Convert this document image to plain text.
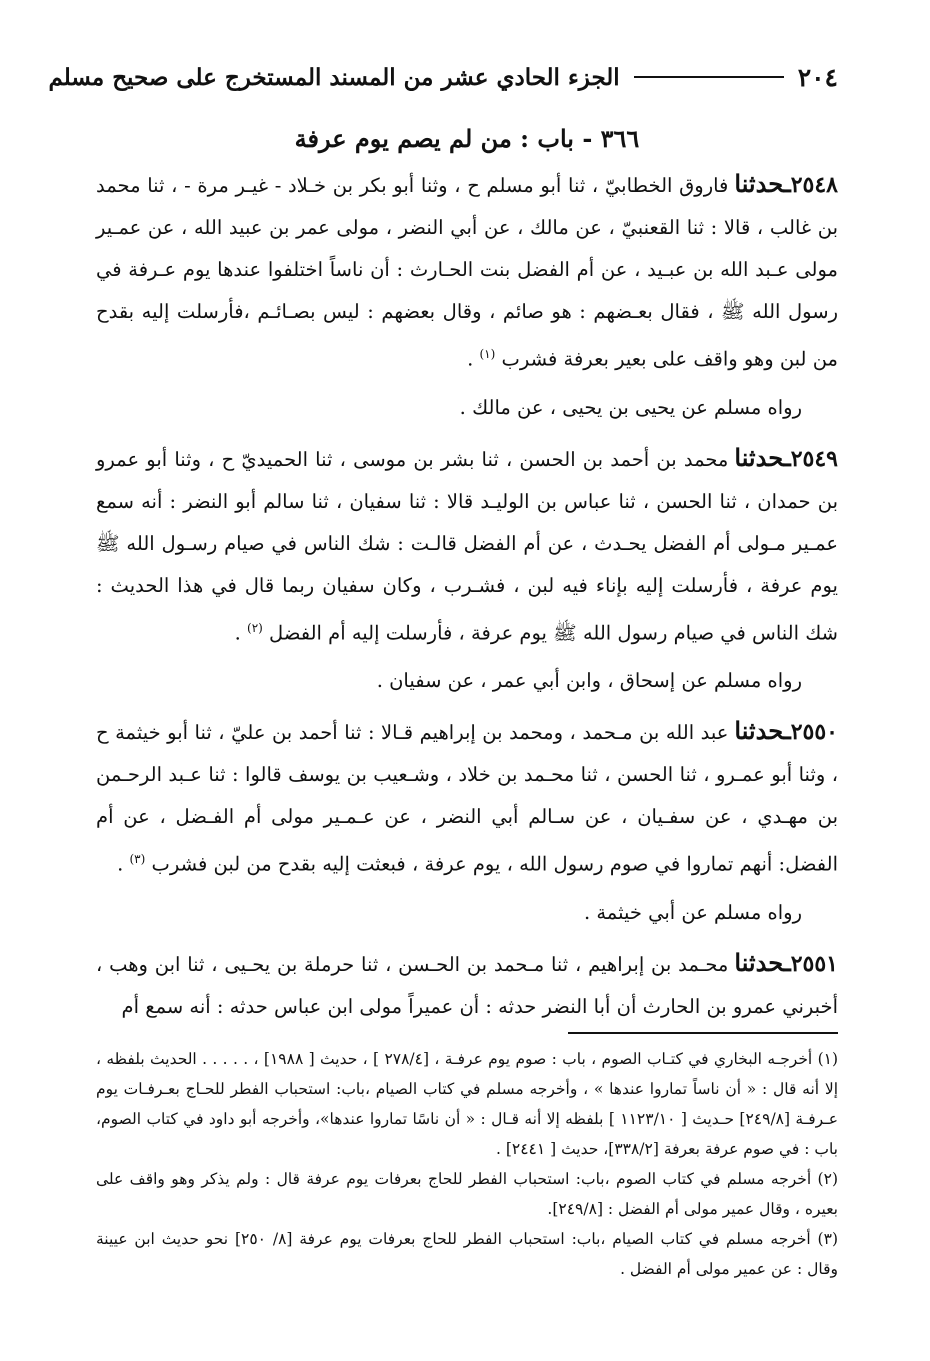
٢٠٤
الجزء الحادي عشر من المسند المستخرج على صحيح مسلم
٣٦٦ - باب : من لم يصم يوم عرفة

٢٥٤٨ـحدثنافاروق الخطابيّ ، ثنا أبو مسلم ح ، وثنا أبو بكر بن خـلاد - غيـر مرة - ، ثنا محمد بن غالب ، قالا : ثنا القعنبيّ ، عن مالك ، عن أبي النضر ، مولى عمر بن عبيد الله ، عن عمـير مولى عـبد الله بن عبـيد ، عن أم الفضل بنت الحـارث : أن ناساً اختلفوا عندها يوم عـرفة في رسول الله ﷺ ، فقال بعـضهم : هو صائم ، وقال بعضهم : ليس بصـائـم ،فأرسلت إليه بقدح من لبن وهو واقف على بعير بعرفة فشرب $^{(١)}$ .

رواه مسلم عن يحيى بن يحيى ، عن مالك .

٢٥٤٩ـحدثنامحمد بن أحمد بن الحسن ، ثنا بشر بن موسى ، ثنا الحميديّ ح ، وثنا أبو عمرو بن حمدان ، ثنا الحسن ، ثنا عباس بن الوليـد قالا : ثنا سفيان ، ثنا سالم أبو النضر : أنه سمع عمـير مـولى أم الفضل يحـدث ، عن أم الفضل قالـت : شك الناس في صيام رسـول الله ﷺ يوم عرفة ، فأرسلت إليه بإناء فيه لبن ، فشـرب ، وكان سفيان ربما قال في هذا الحديث : شك الناس في صيام رسول الله ﷺ يوم عرفة ، فأرسلت إليه أم الفضل $^{(٢)}$ .

رواه مسلم عن إسحاق ، وابن أبي عمر ، عن سفيان .

٢٥٥٠ـحدثناعبد الله بن مـحمد ، ومحمد بن إبراهيم قـالا : ثنا أحمد بن عليّ ، ثنا أبو خيثمة ح ، وثنا أبو عمـرو ، ثنا الحسن ، ثنا محـمد بن خلاد ، وشـعيب بن يوسف قالوا : ثنا عـبد الرحـمن بن مهـدي ، عن سفـيان ، عن سـالم أبي النضر ، عن عـمـير مولى أم الفـضل ، عن أم الفضل: أنهم تماروا في صوم رسول الله ، يوم عرفة ، فبعثت إليه بقدح من لبن فشرب $^{(٣)}$ .

رواه مسلم عن أبي خيثمة .

٢٥٥١ـحدثنامحـمد بن إبراهيم ، ثنا مـحمد بن الحـسن ، ثنا حرملة بن يحـيى ، ثنا ابن وهب ، أخبرني عمرو بن الحارث أن أبا النضر حدثه : أن عميراً مولى ابن عباس حدثه : أنه سمع أم

(١) أخرجـه البخاري في كتـاب الصوم ، باب : صوم يوم عرفـة ، [٢٧٨/٤ ] ، حديث [ ١٩٨٨] ، . . . . . الحديث بلفظه ، إلا أنه قال : « أن ناساً تماروا عندها » ، وأخرجه مسلم في كتاب الصيام ،باب: استحباب الفطر للحـاج بعـرفـات يوم عـرفـة [٢٤٩/٨] حـديث [ ١١٢٣/١٠ ] بلفظه إلا أنه قـال : « أن ناسًا تماروا عندها»، وأخرجه أبو داود في كتاب الصوم، باب : في صوم عرفة بعرفة [٣٣٨/٢]، حديث [ ٢٤٤١] .

(٢) أخرجه مسلم في كتاب الصوم ،باب: استحباب الفطر للحاج بعرفات يوم عرفة قال : ولم يذكر وهو واقف على بعيره ، وقال عمير مولى أم الفضل : [٢٤٩/٨].

(٣) أخرجه مسلم في كتاب الصيام ،باب: استحباب الفطر للحاج بعرفات يوم عرفة [٨/ ٢٥٠] نحو حديث ابن عيينة وقال : عن عمير مولى أم الفضل .
